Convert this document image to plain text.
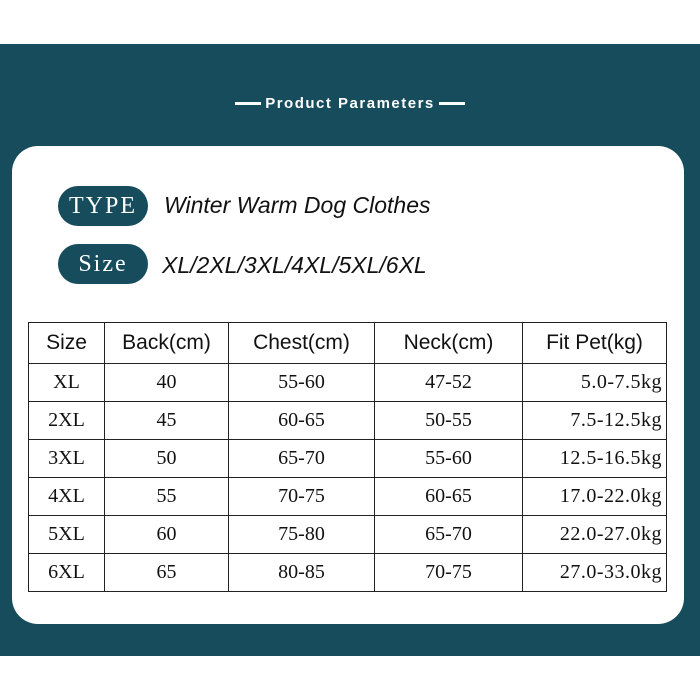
Product Parameters
TYPE	Winter Warm Dog Clothes
Size	XL/2XL/3XL/4XL/5XL/6XL
Size	Back(cm)	Chest(cm)	Neck(cm)	Fit Pet(kg)
XL	40	55-60	47-52	5.0-7.5kg
2XL	45	60-65	50-55	7.5-12.5kg
3XL	50	65-70	55-60	12.5-16.5kg
4XL	55	70-75	60-65	17.0-22.0kg
5XL	60	75-80	65-70	22.0-27.0kg
6XL	65	80-85	70-75	27.0-33.0kg
